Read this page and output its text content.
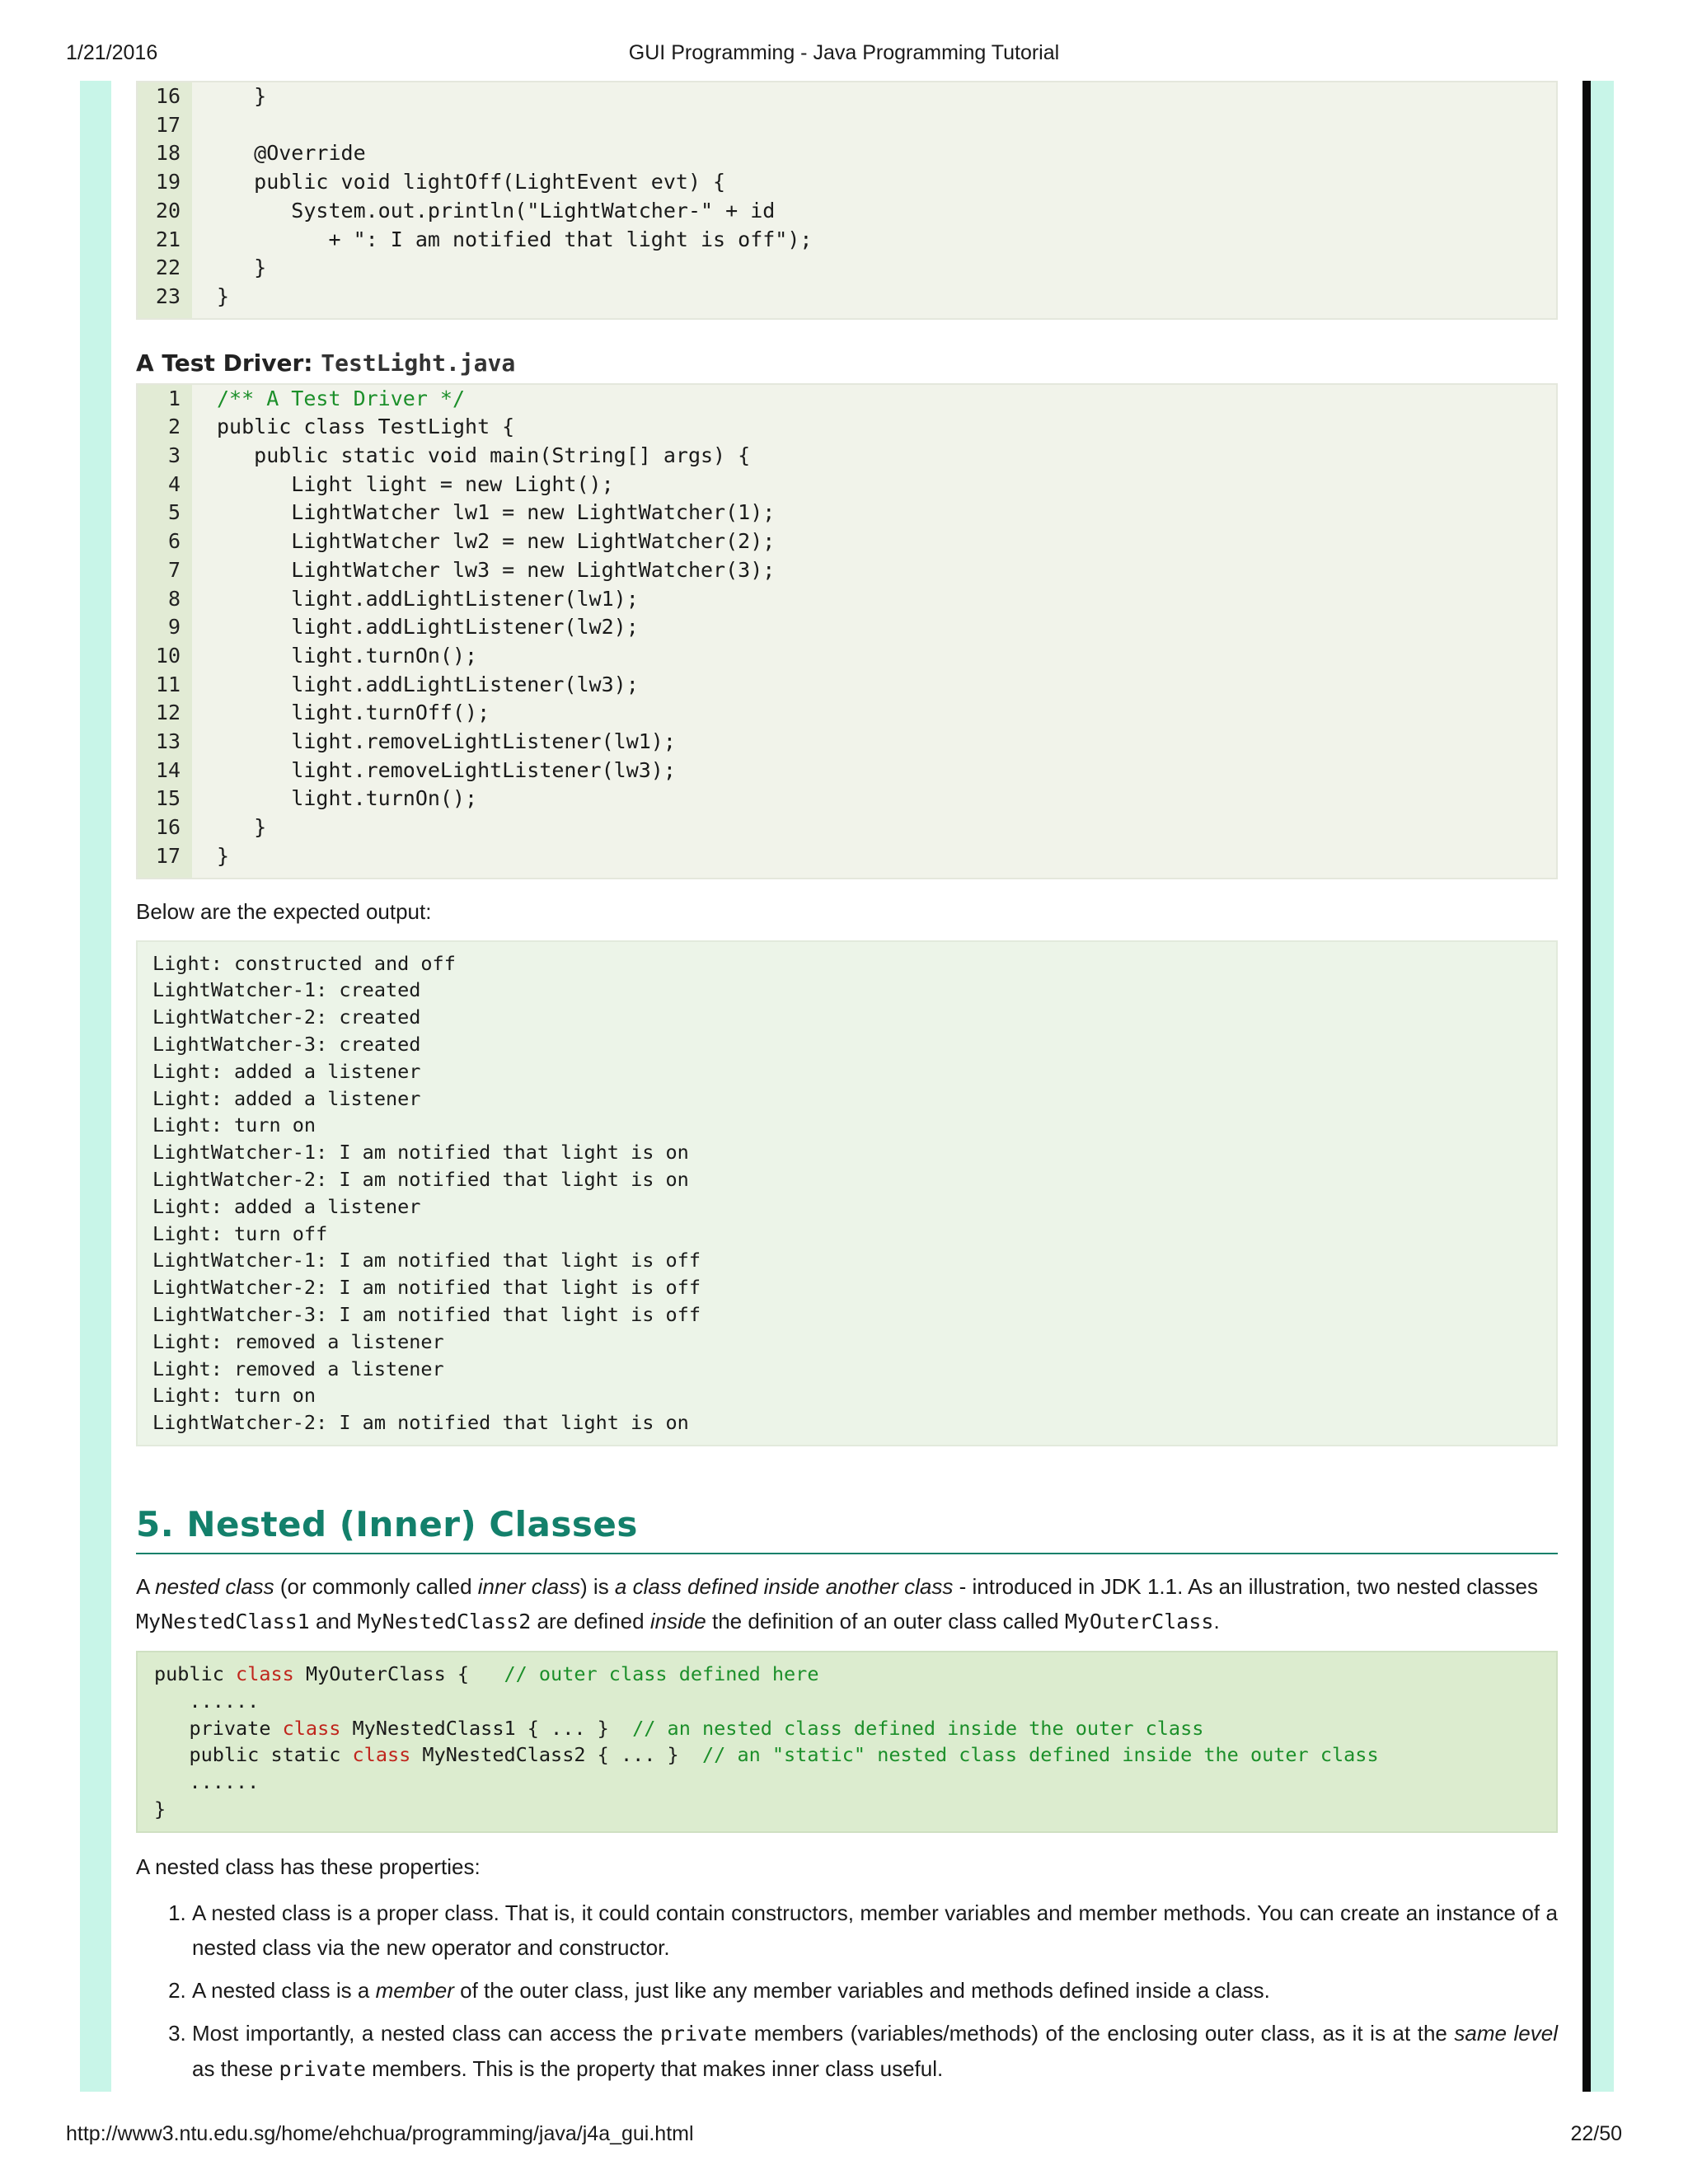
1/21/2016	GUI Programming - Java Programming Tutorial
16
17
18
19
20
21
22
23
}
@Override
public void lightOff(LightEvent evt) {
System.out.println("LightWatcher-" + id
+ ": I am notified that light is off");
}
}
A Test Driver: TestLight.java
1
2
3
4
5
6
7
8
9
10
11
12
13
14
15
16
17
/** A Test Driver */
public class TestLight {
public static void main(String[] args) {
Light light = new Light();
LightWatcher lw1 = new LightWatcher(1);
LightWatcher lw2 = new LightWatcher(2);
LightWatcher lw3 = new LightWatcher(3);
light.addLightListener(lw1);
light.addLightListener(lw2);
light.turnOn();
light.addLightListener(lw3);
light.turnOff();
light.removeLightListener(lw1);
light.removeLightListener(lw3);
light.turnOn();
}
}
Below are the expected output:
Light: constructed and off
LightWatcher-1: created
LightWatcher-2: created
LightWatcher-3: created
Light: added a listener
Light: added a listener
Light: turn on
LightWatcher-1: I am notified that light is on
LightWatcher-2: I am notified that light is on
Light: added a listener
Light: turn off
LightWatcher-1: I am notified that light is off
LightWatcher-2: I am notified that light is off
LightWatcher-3: I am notified that light is off
Light: removed a listener
Light: removed a listener
Light: turn on
LightWatcher-2: I am notified that light is on
5. Nested (Inner) Classes
A nested class (or commonly called inner class) is a class defined inside another class - introduced in JDK 1.1. As an illustration, two nested classes MyNestedClass1 and MyNestedClass2 are defined inside the definition of an outer class called MyOuterClass.
public class MyOuterClass {   // outer class defined here
......
private class MyNestedClass1 { ... }  // an nested class defined inside the outer class
public static class MyNestedClass2 { ... }  // an "static" nested class defined inside the outer class
......
}
A nested class has these properties:
1. A nested class is a proper class. That is, it could contain constructors, member variables and member methods. You can create an instance of a nested class via the new operator and constructor.
2. A nested class is a member of the outer class, just like any member variables and methods defined inside a class.
3. Most importantly, a nested class can access the private members (variables/methods) of the enclosing outer class, as it is at the same level as these private members. This is the property that makes inner class useful.
http://www3.ntu.edu.sg/home/ehchua/programming/java/j4a_gui.html	22/50
